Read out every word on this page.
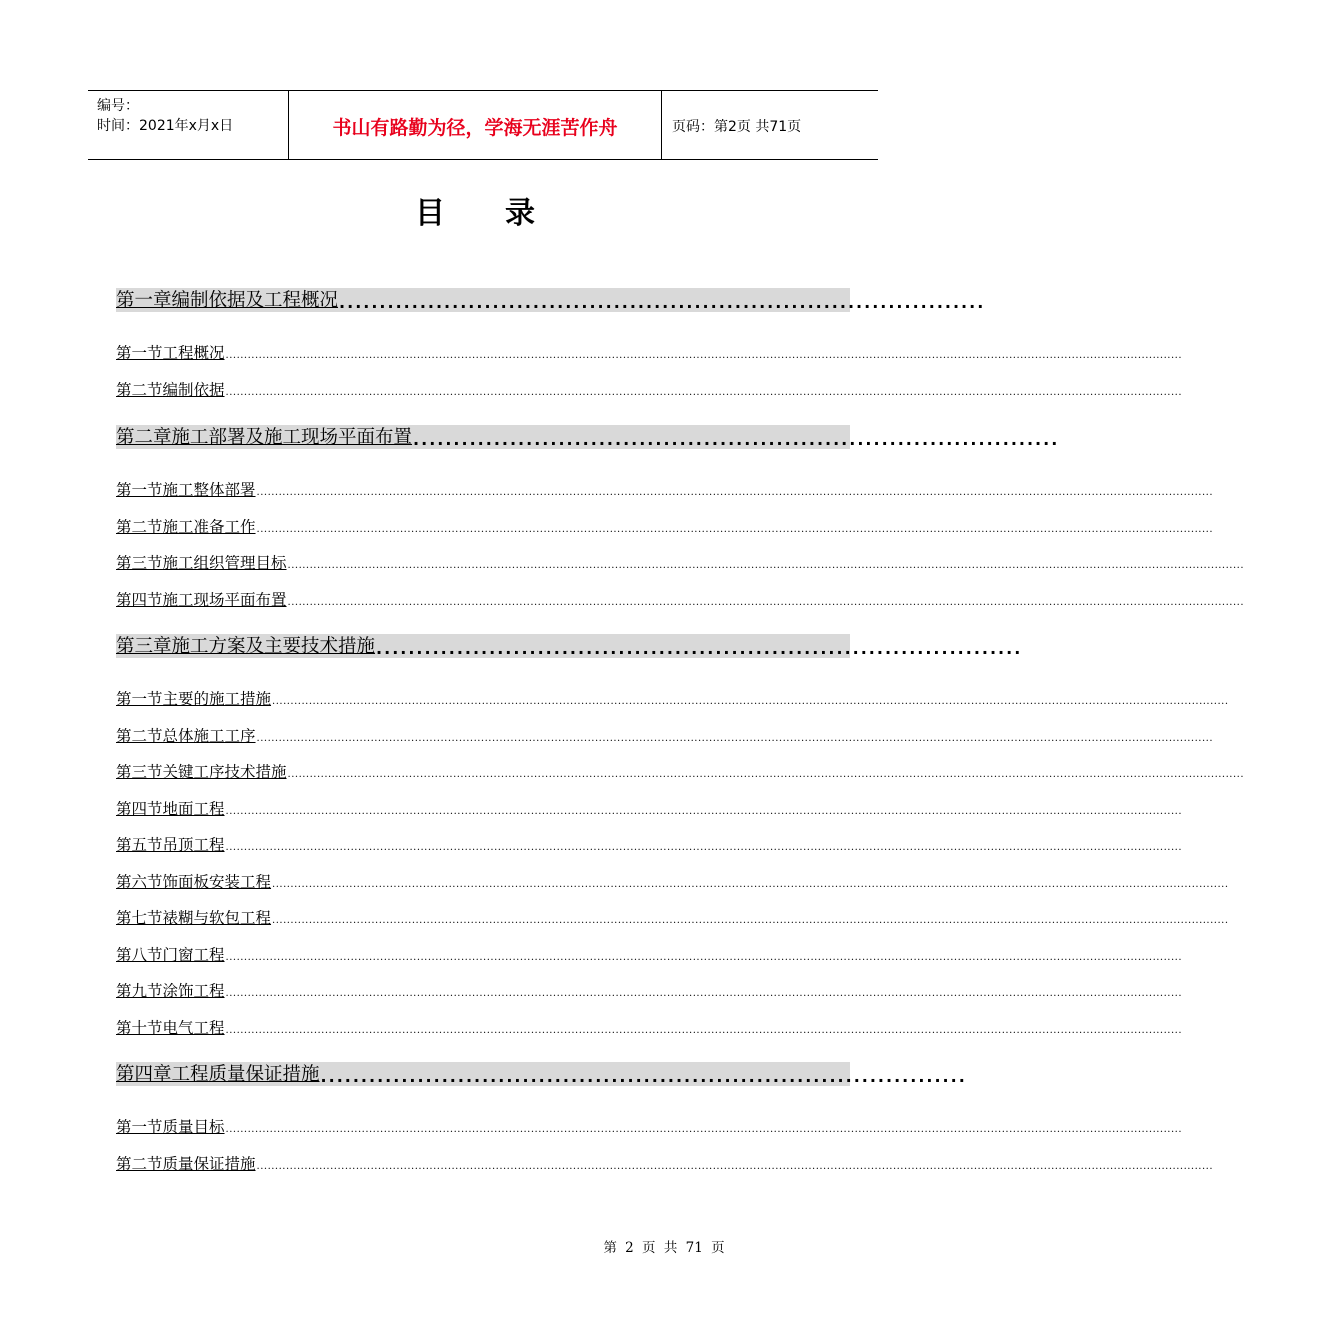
编号：
时间：2021年x月x日	书山有路勤为径，学海无涯苦作舟	页码：第2页 共71页
目录
第一章 编制依据及工程概况 ................................................................................
第一节 工程概况 ....................................................................................................................................................................................................................................................................
第二节 编制依据 ....................................................................................................................................................................................................................................................................
第二章 施工部署及施工现场平面布置 ................................................................................
第一节 施工整体部署 ....................................................................................................................................................................................................................................................................
第二节 施工准备工作 ....................................................................................................................................................................................................................................................................
第三节 施工组织管理目标 ....................................................................................................................................................................................................................................................................
第四节 施工现场平面布置 ....................................................................................................................................................................................................................................................................
第三章 施工方案及主要技术措施 ................................................................................
第一节 主要的施工措施 ....................................................................................................................................................................................................................................................................
第二节 总体施工工序 ....................................................................................................................................................................................................................................................................
第三节 关键工序技术措施 ....................................................................................................................................................................................................................................................................
第四节 地面工程 ....................................................................................................................................................................................................................................................................
第五节 吊顶工程 ....................................................................................................................................................................................................................................................................
第六节 饰面板安装工程 ....................................................................................................................................................................................................................................................................
第七节 裱糊与软包工程 ....................................................................................................................................................................................................................................................................
第八节 门窗工程 ....................................................................................................................................................................................................................................................................
第九节 涂饰工程 ....................................................................................................................................................................................................................................................................
第十节 电气工程 ....................................................................................................................................................................................................................................................................
第四章 工程质量保证措施 ................................................................................
第一节 质量目标 ....................................................................................................................................................................................................................................................................
第二节 质量保证措施 ....................................................................................................................................................................................................................................................................
第 2 页 共 71 页
